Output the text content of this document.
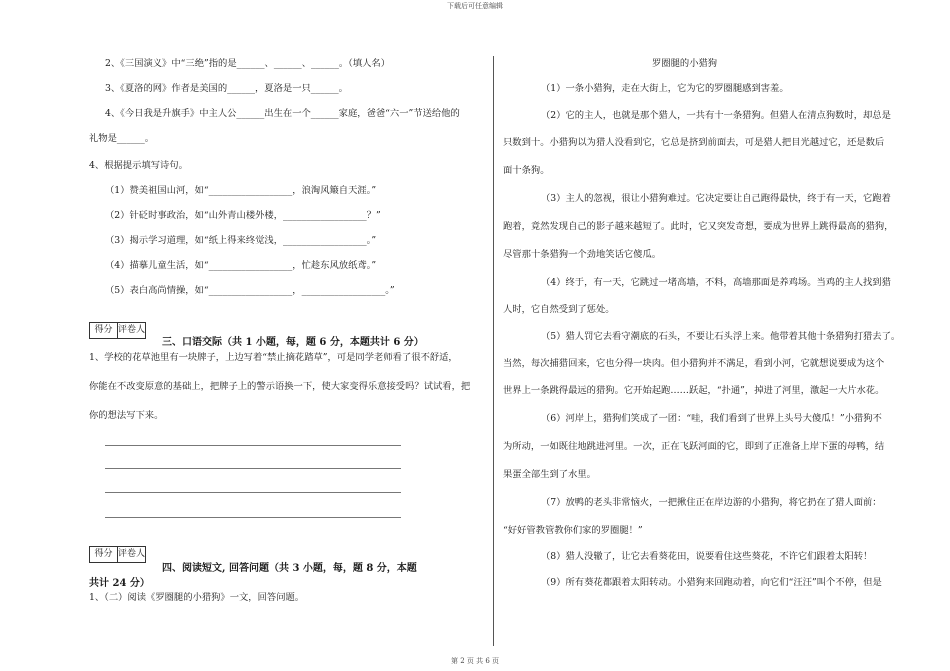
下载后可任意编辑
2、《三国演义》中“三绝”指的是______、______、______。（填人名）
3、《夏洛的网》作者是美国的______，夏洛是一只______。
4、《今日我是升旗手》中主人公______出生在一个______家庭，爸爸“六一”节送给他的
礼物是______。
4、根据提示填写诗句。
（1）赞美祖国山河，如“__________________，浪淘风簸自天涯。”
（2）针砭时事政治，如“山外青山楼外楼，__________________？”
（3）揭示学习道理，如“纸上得来终觉浅，__________________。”
（4）描摹儿童生活，如“__________________，忙趁东风放纸鸢。”
（5）表白高尚情操，如“__________________，__________________。”
得分 评卷人
三、口语交际（共 1 小题，每，题 6 分，本题共计 6 分）
1、学校的花草池里有一块牌子，上边写着“禁止摘花踏草”，可是同学老师看了很不舒适，
你能在不改变原意的基础上，把牌子上的警示语换一下，使大家变得乐意接受吗？试试看，把
你的想法写下来。
得分 评卷人
四、阅读短文, 回答问题（共 3 小题，每，题 8 分，本题
共计 24 分）
1、（二）阅读《罗圈腿的小猎狗》一文，回答问题。
罗圈腿的小猎狗
（1）一条小猎狗，走在大街上，它为它的罗圈腿感到害羞。
（2）它的主人，也就是那个猎人，一共有十一条猎狗。但猎人在清点狗数时，却总是
只数到十。小猎狗以为猎人没看到它，它总是挤到前面去，可是猎人把目光越过它，还是数后
面十条狗。
（3）主人的忽视，很让小猎狗难过。它决定要让自己跑得最快，终于有一天，它跑着
跑着，竟然发现自己的影子越来越短了。此时，它又突发奇想，要成为世界上跳得最高的猎狗，
尽管那十条猎狗一个劲地笑话它傻瓜。
（4）终于，有一天，它跳过一堵高墙，不料，高墙那面是养鸡场。当鸡的主人找到猎
人时，它自然受到了惩处。
（5）猎人罚它去看守潮底的石头，不要让石头浮上来。他带着其他十条猎狗打猎去了。
当然，每次捕猎回来，它也分得一块肉。但小猎狗并不满足，看到小河，它就想说要成为这个
世界上一条跳得最远的猎狗。它开始起跑……跃起，“扑通”，掉进了河里，激起一大片水花。
（6）河岸上，猎狗们笑成了一团：“哇，我们看到了世界上头号大傻瓜！”小猎狗不
为所动，一如既往地跳进河里。一次，正在飞跃河面的它，即到了正准备上岸下蛋的母鸭，结
果蛋全部生到了水里。
（7）放鸭的老头非常恼火，一把揪住正在岸边游的小猎狗，将它扔在了猎人面前：
“好好管教管教你们家的罗圈腿！”
（8）猎人没辙了，让它去看葵花田，说要看住这些葵花，不许它们跟着太阳转！
（9）所有葵花都跟着太阳转动。小猎狗来回跑动着，向它们“汪汪”叫个不停，但是
第 2 页 共 6 页
